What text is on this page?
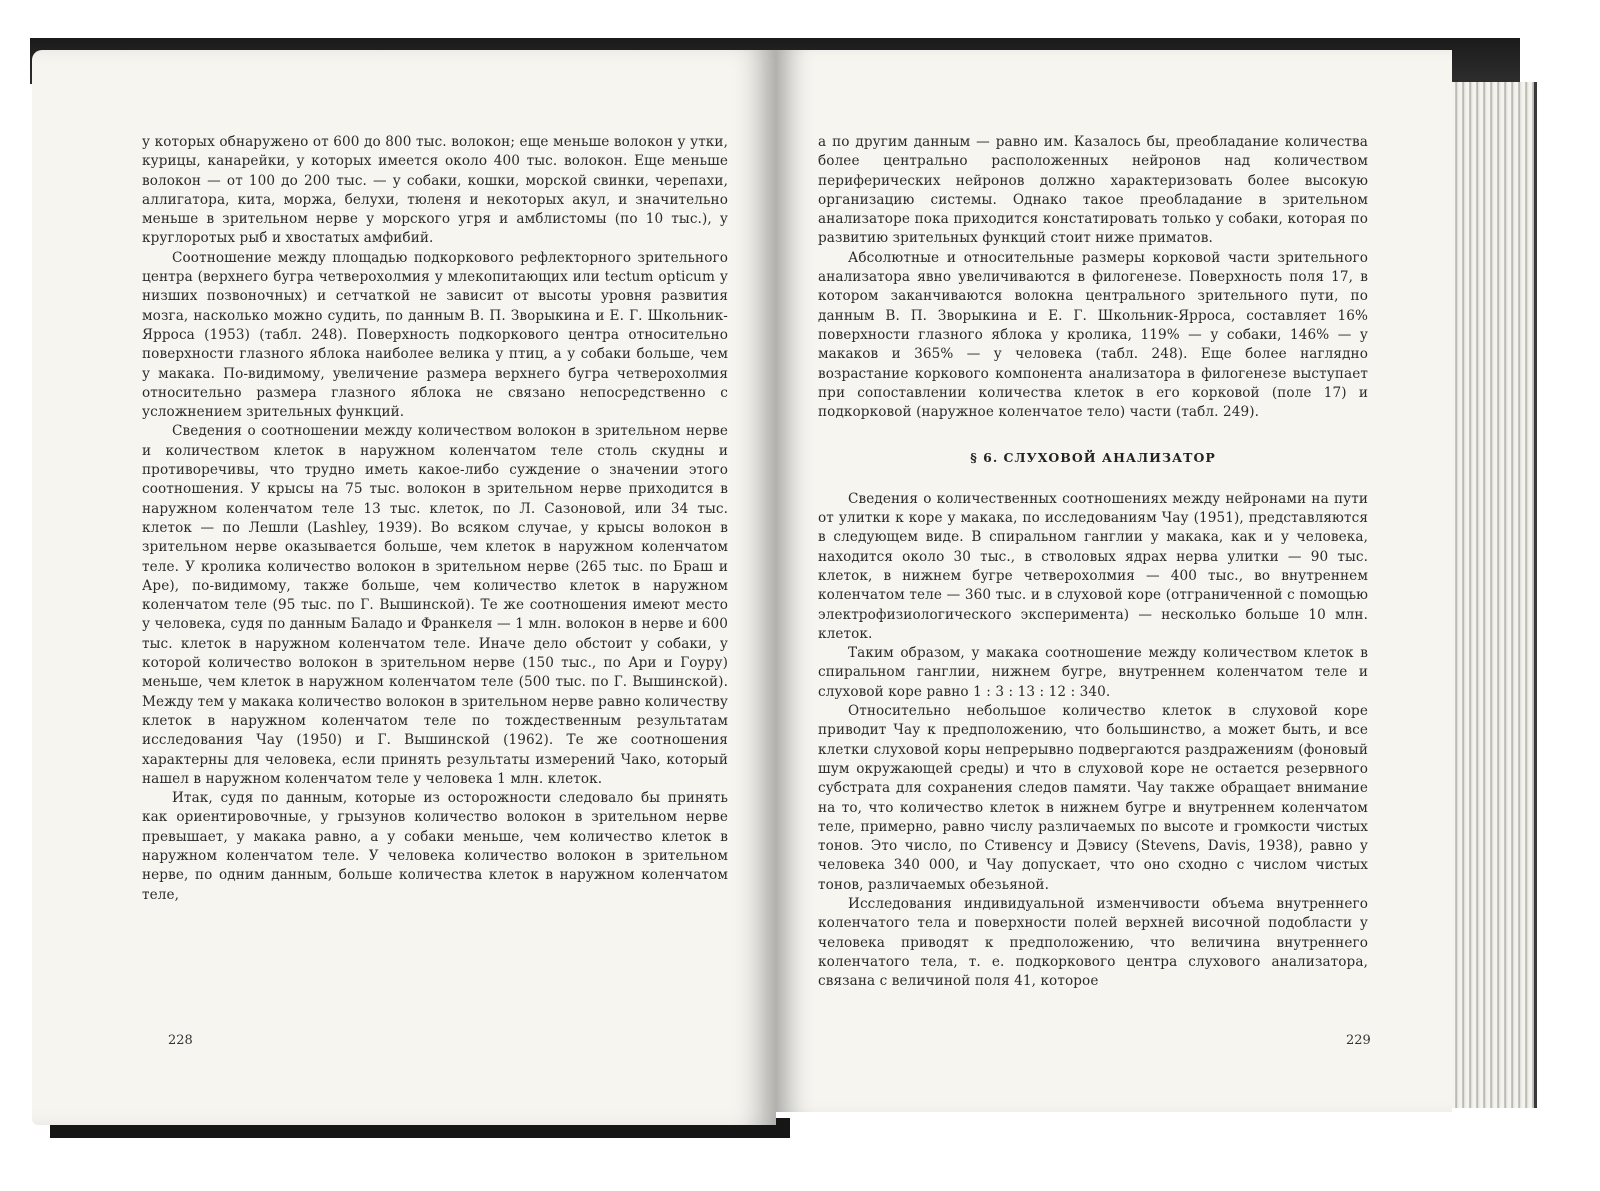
у которых обнаружено от 600 до 800 тыс. волокон; еще меньше волокон у утки, курицы, канарейки, у которых имеется около 400 тыс. волокон. Еще меньше волокон — от 100 до 200 тыс. — у собаки, кошки, морской свинки, черепахи, аллигатора, кита, моржа, белухи, тюленя и некоторых акул, и значительно меньше в зрительном нерве у морского угря и амблистомы (по 10 тыс.), у круглоротых рыб и хвостатых амфибий.

Соотношение между площадью подкоркового рефлекторного зрительного центра (верхнего бугра четверохолмия у млекопитающих или tectum opticum у низших позвоночных) и сетчаткой не зависит от высоты уровня развития мозга, насколько можно судить, по данным В. П. Зворыкина и Е. Г. Школьник-Ярроса (1953) (табл. 248). Поверхность подкоркового центра относительно поверхности глазного яблока наиболее велика у птиц, а у собаки больше, чем у макака. По-видимому, увеличение размера верхнего бугра четверохолмия относительно размера глазного яблока не связано непосредственно с усложнением зрительных функций.

Сведения о соотношении между количеством волокон в зрительном нерве и количеством клеток в наружном коленчатом теле столь скудны и противоречивы, что трудно иметь какое-либо суждение о значении этого соотношения. У крысы на 75 тыс. волокон в зрительном нерве приходится в наружном коленчатом теле 13 тыс. клеток, по Л. Сазоновой, или 34 тыс. клеток — по Лешли (Lashley, 1939). Во всяком случае, у крысы волокон в зрительном нерве оказывается больше, чем клеток в наружном коленчатом теле. У кролика количество волокон в зрительном нерве (265 тыс. по Браш и Аре), по-видимому, также больше, чем количество клеток в наружном коленчатом теле (95 тыс. по Г. Вышинской). Те же соотношения имеют место у человека, судя по данным Баладо и Франкеля — 1 млн. волокон в нерве и 600 тыс. клеток в наружном коленчатом теле. Иначе дело обстоит у собаки, у которой количество волокон в зрительном нерве (150 тыс., по Ари и Гоуру) меньше, чем клеток в наружном коленчатом теле (500 тыс. по Г. Вышинской). Между тем у макака количество волокон в зрительном нерве равно количеству клеток в наружном коленчатом теле по тождественным результатам исследования Чау (1950) и Г. Вышинской (1962). Те же соотношения характерны для человека, если принять результаты измерений Чако, который нашел в наружном коленчатом теле у человека 1 млн. клеток.

Итак, судя по данным, которые из осторожности следовало бы принять как ориентировочные, у грызунов количество волокон в зрительном нерве превышает, у макака равно, а у собаки меньше, чем количество клеток в наружном коленчатом теле. У человека количество волокон в зрительном нерве, по одним данным, больше количества клеток в наружном коленчатом теле,

228

а по другим данным — равно им. Казалось бы, преобладание количества более центрально расположенных нейронов над количеством периферических нейронов должно характеризовать более высокую организацию системы. Однако такое преобладание в зрительном анализаторе пока приходится констатировать только у собаки, которая по развитию зрительных функций стоит ниже приматов.

Абсолютные и относительные размеры корковой части зрительного анализатора явно увеличиваются в филогенезе. Поверхность поля 17, в котором заканчиваются волокна центрального зрительного пути, по данным В. П. Зворыкина и Е. Г. Школьник-Ярроса, составляет 16% поверхности глазного яблока у кролика, 119% — у собаки, 146% — у макаков и 365% — у человека (табл. 248). Еще более наглядно возрастание коркового компонента анализатора в филогенезе выступает при сопоставлении количества клеток в его корковой (поле 17) и подкорковой (наружное коленчатое тело) части (табл. 249).

§ 6. СЛУХОВОЙ АНАЛИЗАТОР

Сведения о количественных соотношениях между нейронами на пути от улитки к коре у макака, по исследованиям Чау (1951), представляются в следующем виде. В спиральном ганглии у макака, как и у человека, находится около 30 тыс., в стволовых ядрах нерва улитки — 90 тыс. клеток, в нижнем бугре четверохолмия — 400 тыс., во внутреннем коленчатом теле — 360 тыс. и в слуховой коре (отграниченной с помощью электрофизиологического эксперимента) — несколько больше 10 млн. клеток.

Таким образом, у макака соотношение между количеством клеток в спиральном ганглии, нижнем бугре, внутреннем коленчатом теле и слуховой коре равно 1 : 3 : 13 : 12 : 340.

Относительно небольшое количество клеток в слуховой коре приводит Чау к предположению, что большинство, а может быть, и все клетки слуховой коры непрерывно подвергаются раздражениям (фоновый шум окружающей среды) и что в слуховой коре не остается резервного субстрата для сохранения следов памяти. Чау также обращает внимание на то, что количество клеток в нижнем бугре и внутреннем коленчатом теле, примерно, равно числу различаемых по высоте и громкости чистых тонов. Это число, по Стивенсу и Дэвису (Stevens, Davis, 1938), равно у человека 340 000, и Чау допускает, что оно сходно с числом чистых тонов, различаемых обезьяной.

Исследования индивидуальной изменчивости объема внутреннего коленчатого тела и поверхности полей верхней височной подобласти у человека приводят к предположению, что величина внутреннего коленчатого тела, т. е. подкоркового центра слухового анализатора, связана с величиной поля 41, которое

229
